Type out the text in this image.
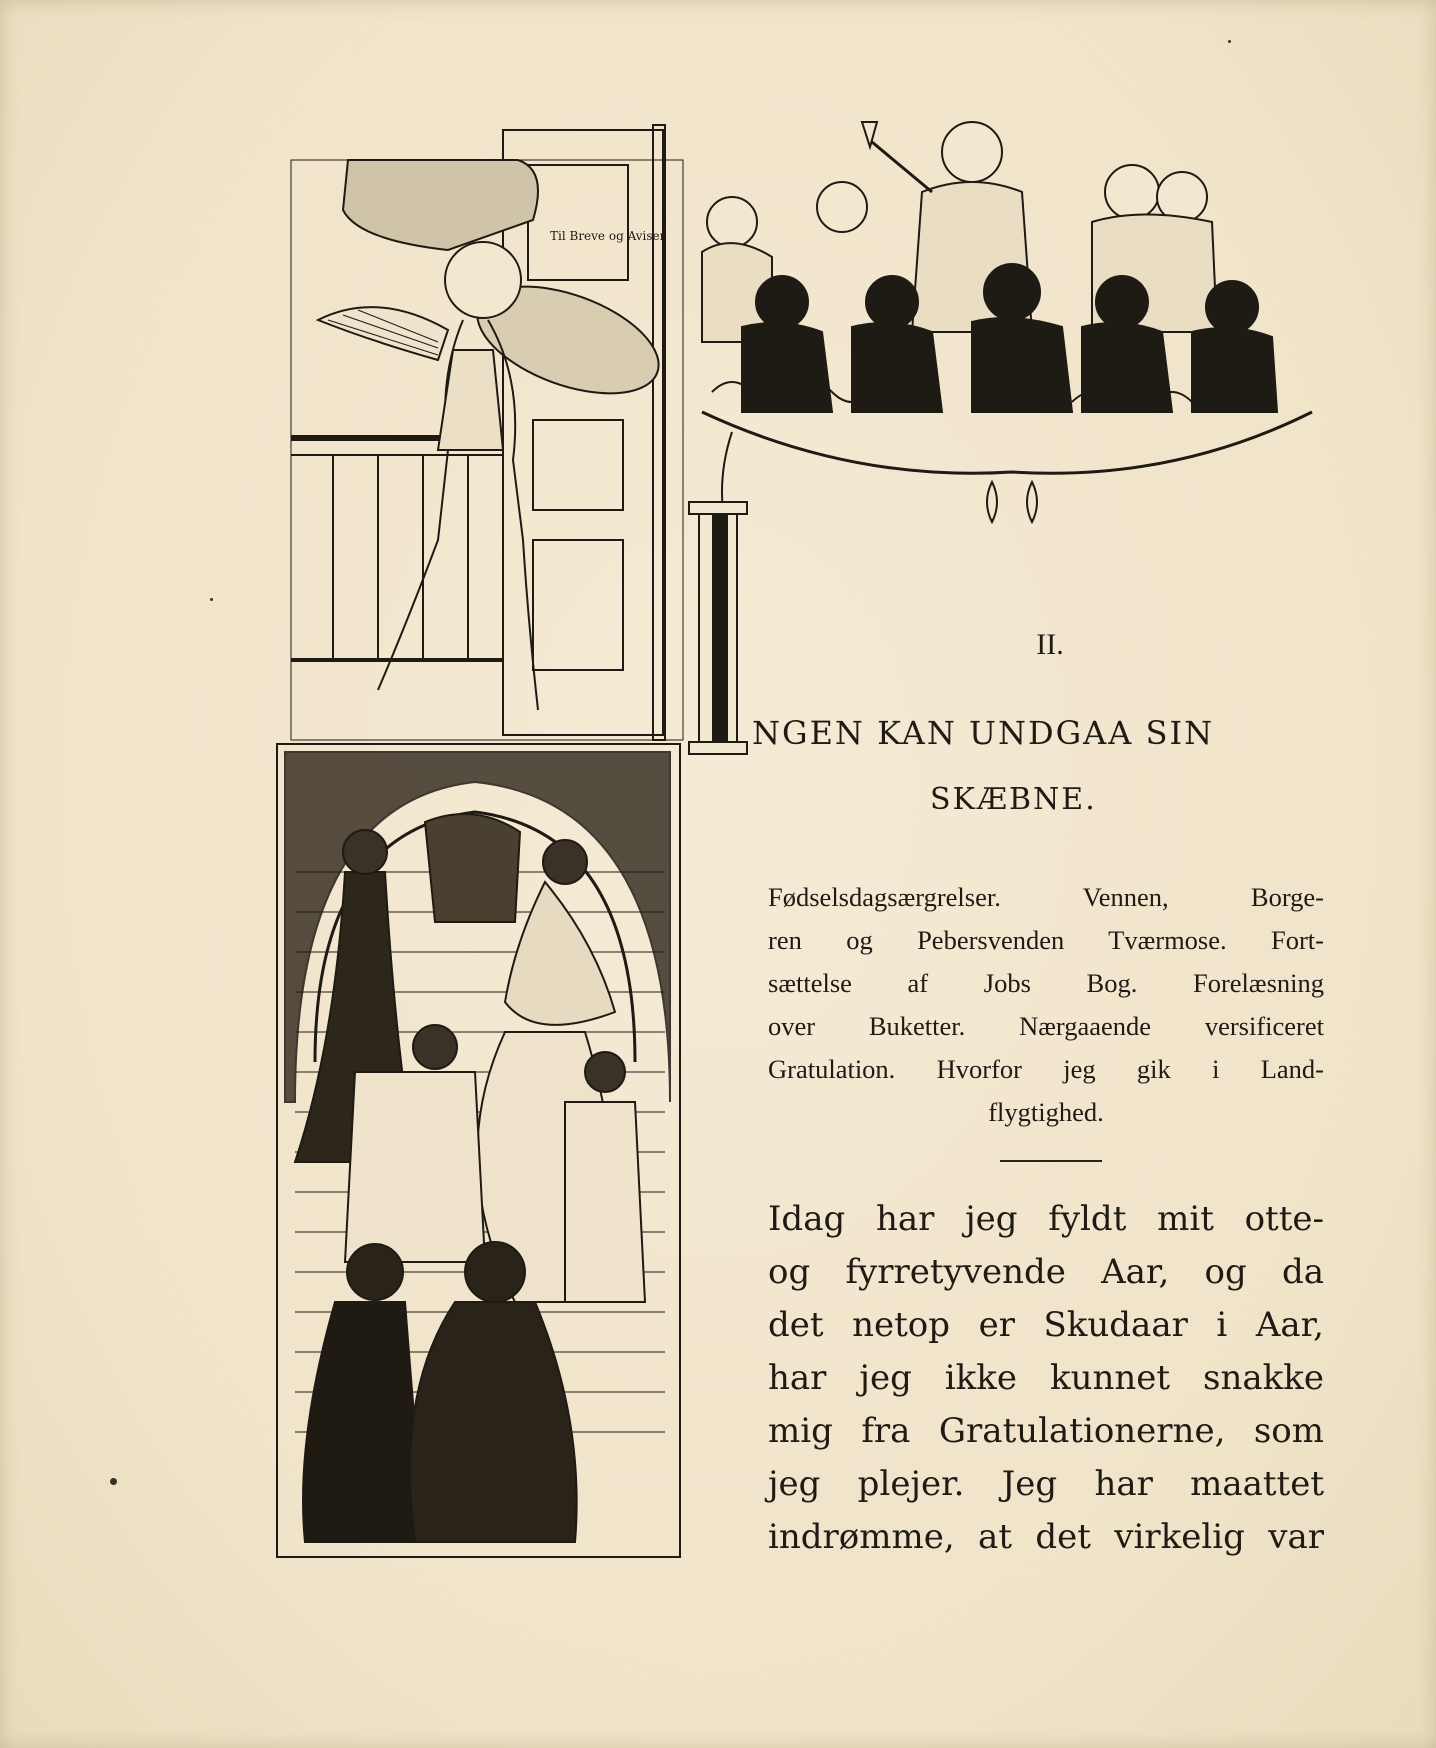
Til Breve og Aviser
II.
NGEN KAN UNDGAA SIN
SKÆBNE.
Fødselsdagsærgrelser. Vennen, Borge-
ren og Pebersvenden Tværmose. Fort-
sættelse af Jobs Bog. Forelæsning
over Buketter. Nærgaaende versificeret
Gratulation. Hvorfor jeg gik i Land-
flygtighed.
Idag har jeg fyldt mit otte-
og fyrretyvende Aar, og da
det netop er Skudaar i Aar,
har jeg ikke kunnet snakke
mig fra Gratulationerne, som
jeg plejer. Jeg har maattet
indrømme, at det virkelig var
